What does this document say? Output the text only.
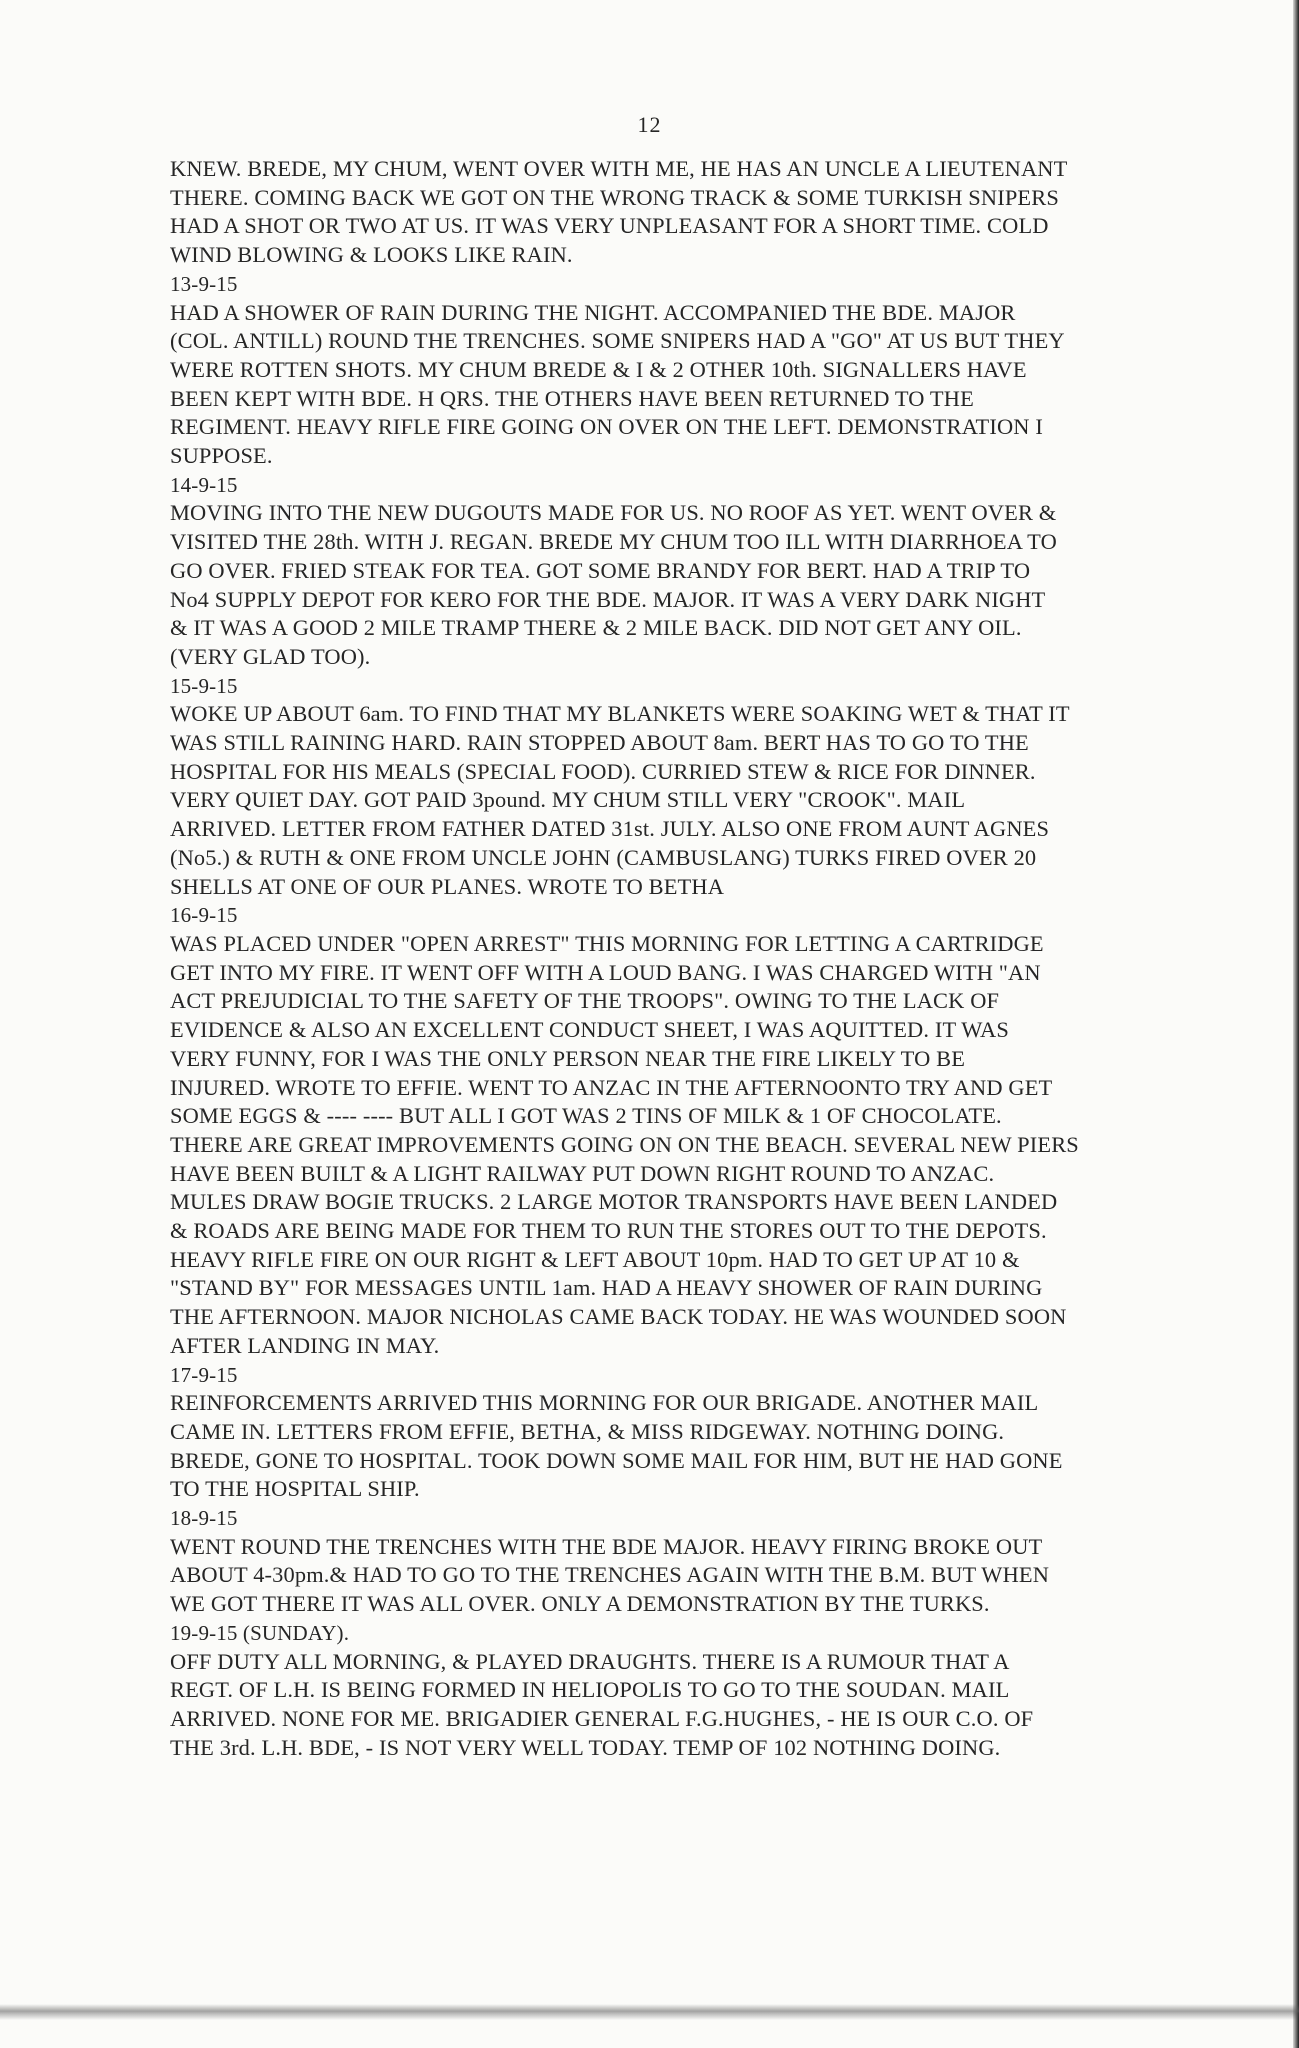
12
KNEW. BREDE, MY CHUM, WENT OVER WITH ME, HE HAS AN UNCLE A LIEUTENANT
THERE. COMING BACK WE GOT ON THE WRONG TRACK & SOME TURKISH SNIPERS
HAD A SHOT OR TWO AT US. IT WAS VERY UNPLEASANT FOR A SHORT TIME. COLD
WIND BLOWING & LOOKS LIKE RAIN.
13-9-15
HAD A SHOWER OF RAIN DURING THE NIGHT. ACCOMPANIED THE BDE. MAJOR
(COL. ANTILL) ROUND THE TRENCHES. SOME SNIPERS HAD A "GO" AT US BUT THEY
WERE ROTTEN SHOTS. MY CHUM BREDE & I & 2 OTHER 10th. SIGNALLERS HAVE
BEEN KEPT WITH BDE. H QRS. THE OTHERS HAVE BEEN RETURNED TO THE
REGIMENT. HEAVY RIFLE FIRE GOING ON OVER ON THE LEFT. DEMONSTRATION I
SUPPOSE.
14-9-15
MOVING INTO THE NEW DUGOUTS MADE FOR US. NO ROOF AS YET. WENT OVER &
VISITED THE 28th. WITH J. REGAN. BREDE MY CHUM TOO ILL WITH DIARRHOEA TO
GO OVER. FRIED STEAK FOR TEA. GOT SOME BRANDY FOR BERT. HAD A TRIP TO
No4 SUPPLY DEPOT FOR KERO FOR THE BDE. MAJOR. IT WAS A VERY DARK NIGHT
& IT WAS A GOOD 2 MILE TRAMP THERE & 2 MILE BACK. DID NOT GET ANY OIL.
(VERY GLAD TOO).
15-9-15
WOKE UP ABOUT 6am. TO FIND THAT MY BLANKETS WERE SOAKING WET & THAT IT
WAS STILL RAINING HARD. RAIN STOPPED ABOUT 8am. BERT HAS TO GO TO THE
HOSPITAL FOR HIS MEALS (SPECIAL FOOD). CURRIED STEW & RICE FOR DINNER.
VERY QUIET DAY. GOT PAID 3pound. MY CHUM STILL VERY "CROOK". MAIL
ARRIVED. LETTER FROM FATHER DATED 31st. JULY. ALSO ONE FROM AUNT AGNES
(No5.) & RUTH & ONE FROM UNCLE JOHN (CAMBUSLANG) TURKS FIRED OVER 20
SHELLS AT ONE OF OUR PLANES. WROTE TO BETHA
16-9-15
WAS PLACED UNDER "OPEN ARREST" THIS MORNING FOR LETTING A CARTRIDGE
GET INTO MY FIRE. IT WENT OFF WITH A LOUD BANG. I WAS CHARGED WITH "AN
ACT PREJUDICIAL TO THE SAFETY OF THE TROOPS". OWING TO THE LACK OF
EVIDENCE & ALSO AN EXCELLENT CONDUCT SHEET, I WAS AQUITTED. IT WAS
VERY FUNNY, FOR I WAS THE ONLY PERSON NEAR THE FIRE LIKELY TO BE
INJURED. WROTE TO EFFIE. WENT TO ANZAC IN THE AFTERNOONTO TRY AND GET
SOME EGGS & ---- ---- BUT ALL I GOT WAS 2 TINS OF MILK & 1 OF CHOCOLATE.
THERE ARE GREAT IMPROVEMENTS GOING ON ON THE BEACH. SEVERAL NEW PIERS
HAVE BEEN BUILT & A LIGHT RAILWAY PUT DOWN RIGHT ROUND TO ANZAC.
MULES DRAW BOGIE TRUCKS. 2 LARGE MOTOR TRANSPORTS HAVE BEEN LANDED
& ROADS ARE BEING MADE FOR THEM TO RUN THE STORES OUT TO THE DEPOTS.
HEAVY RIFLE FIRE ON OUR RIGHT & LEFT ABOUT 10pm. HAD TO GET UP AT 10 &
"STAND BY" FOR MESSAGES UNTIL 1am. HAD A HEAVY SHOWER OF RAIN DURING
THE AFTERNOON. MAJOR NICHOLAS CAME BACK TODAY. HE WAS WOUNDED SOON
AFTER LANDING IN MAY.
17-9-15
REINFORCEMENTS ARRIVED THIS MORNING FOR OUR BRIGADE. ANOTHER MAIL
CAME IN. LETTERS FROM EFFIE, BETHA, & MISS RIDGEWAY. NOTHING DOING.
BREDE, GONE TO HOSPITAL. TOOK DOWN SOME MAIL FOR HIM, BUT HE HAD GONE
TO THE HOSPITAL SHIP.
18-9-15
WENT ROUND THE TRENCHES WITH THE BDE MAJOR. HEAVY FIRING BROKE OUT
ABOUT 4-30pm.& HAD TO GO TO THE TRENCHES AGAIN WITH THE B.M. BUT WHEN
WE GOT THERE IT WAS ALL OVER. ONLY A DEMONSTRATION BY THE TURKS.
19-9-15 (SUNDAY).
OFF DUTY ALL MORNING, & PLAYED DRAUGHTS. THERE IS A RUMOUR THAT A
REGT. OF L.H. IS BEING FORMED IN HELIOPOLIS TO GO TO THE SOUDAN. MAIL
ARRIVED. NONE FOR ME. BRIGADIER GENERAL F.G.HUGHES, - HE IS OUR C.O. OF
THE 3rd. L.H. BDE, - IS NOT VERY WELL TODAY. TEMP OF 102 NOTHING DOING.
